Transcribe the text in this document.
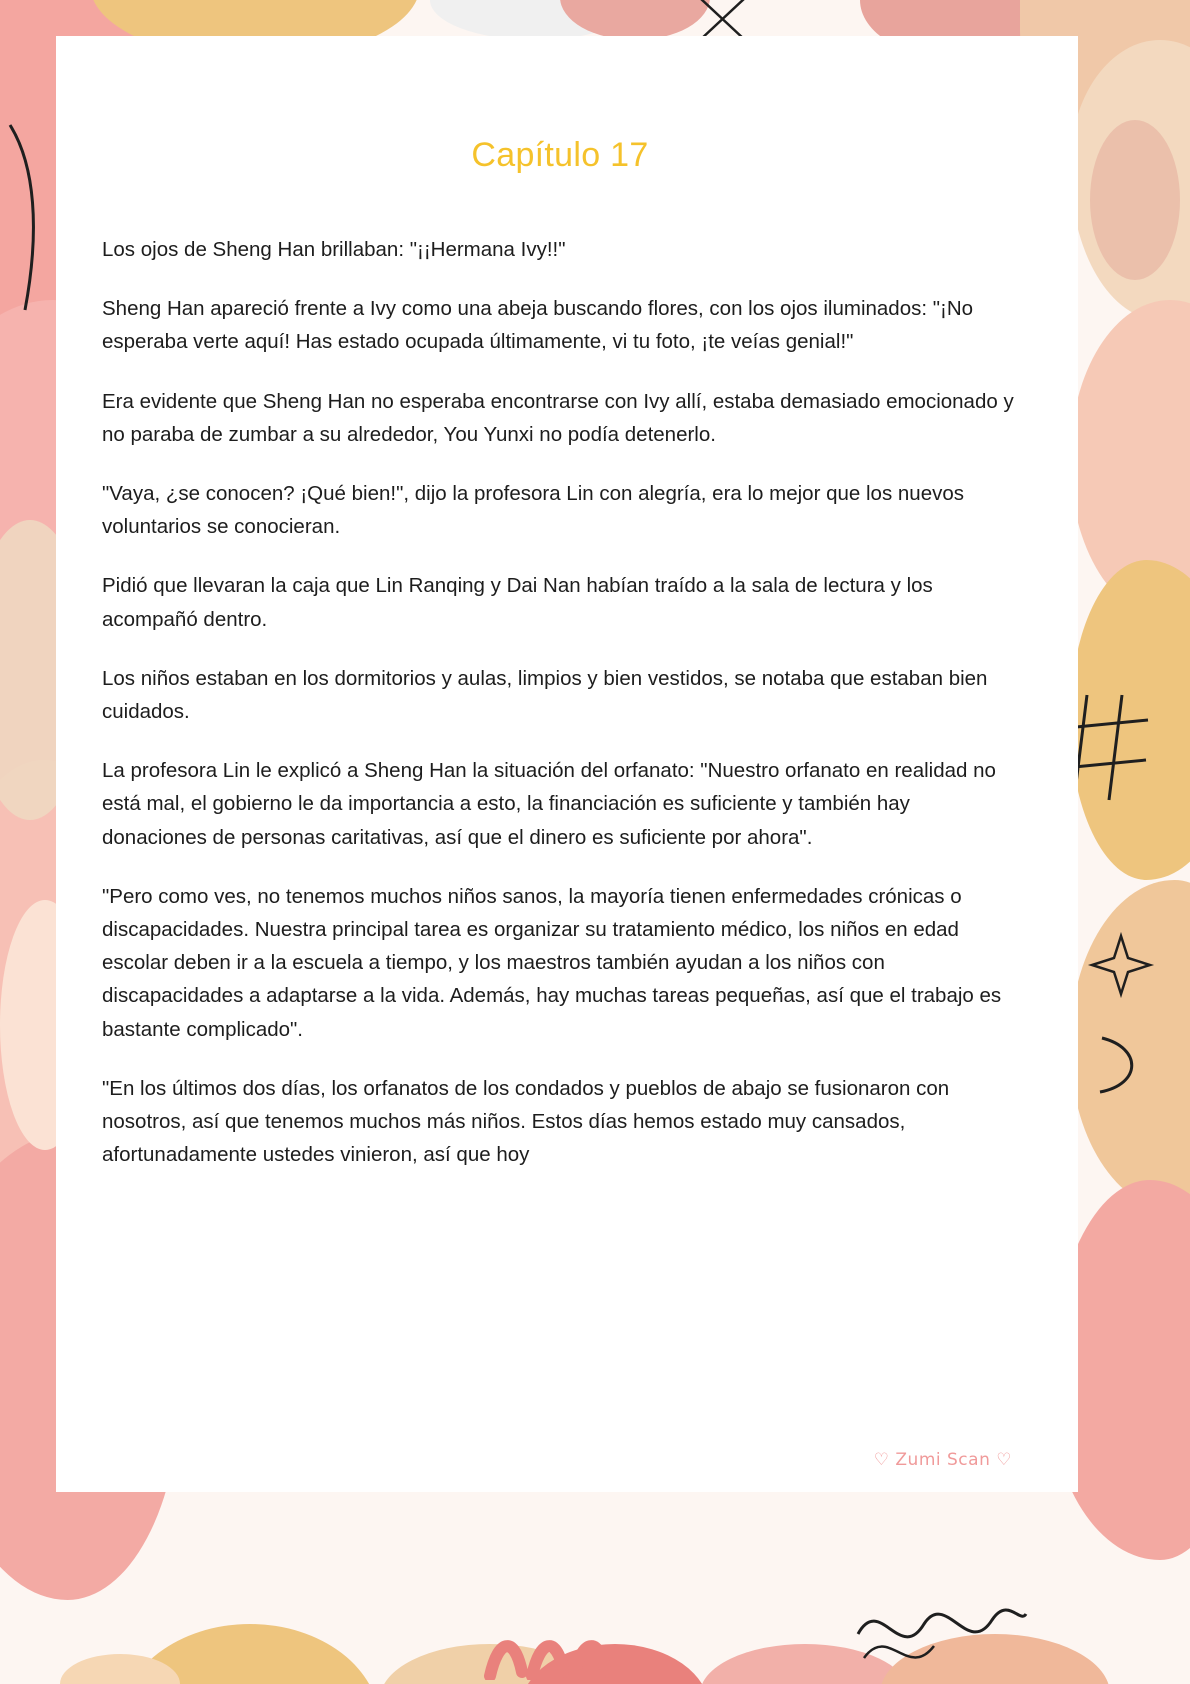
Capítulo 17

Los ojos de Sheng Han brillaban: "¡¡Hermana Ivy!!"

Sheng Han apareció frente a Ivy como una abeja buscando flores, con los ojos iluminados: "¡No esperaba verte aquí! Has estado ocupada últimamente, vi tu foto, ¡te veías genial!"

Era evidente que Sheng Han no esperaba encontrarse con Ivy allí, estaba demasiado emocionado y no paraba de zumbar a su alrededor, You Yunxi no podía detenerlo.

"Vaya, ¿se conocen? ¡Qué bien!", dijo la profesora Lin con alegría, era lo mejor que los nuevos voluntarios se conocieran.

Pidió que llevaran la caja que Lin Ranqing y Dai Nan habían traído a la sala de lectura y los acompañó dentro.

Los niños estaban en los dormitorios y aulas, limpios y bien vestidos, se notaba que estaban bien cuidados.

La profesora Lin le explicó a Sheng Han la situación del orfanato: "Nuestro orfanato en realidad no está mal, el gobierno le da importancia a esto, la financiación es suficiente y también hay donaciones de personas caritativas, así que el dinero es suficiente por ahora".

"Pero como ves, no tenemos muchos niños sanos, la mayoría tienen enfermedades crónicas o discapacidades. Nuestra principal tarea es organizar su tratamiento médico, los niños en edad escolar deben ir a la escuela a tiempo, y los maestros también ayudan a los niños con discapacidades a adaptarse a la vida. Además, hay muchas tareas pequeñas, así que el trabajo es bastante complicado".

"En los últimos dos días, los orfanatos de los condados y pueblos de abajo se fusionaron con nosotros, así que tenemos muchos más niños. Estos días hemos estado muy cansados, afortunadamente ustedes vinieron, así que hoy

♡ Zumi Scan ♡
